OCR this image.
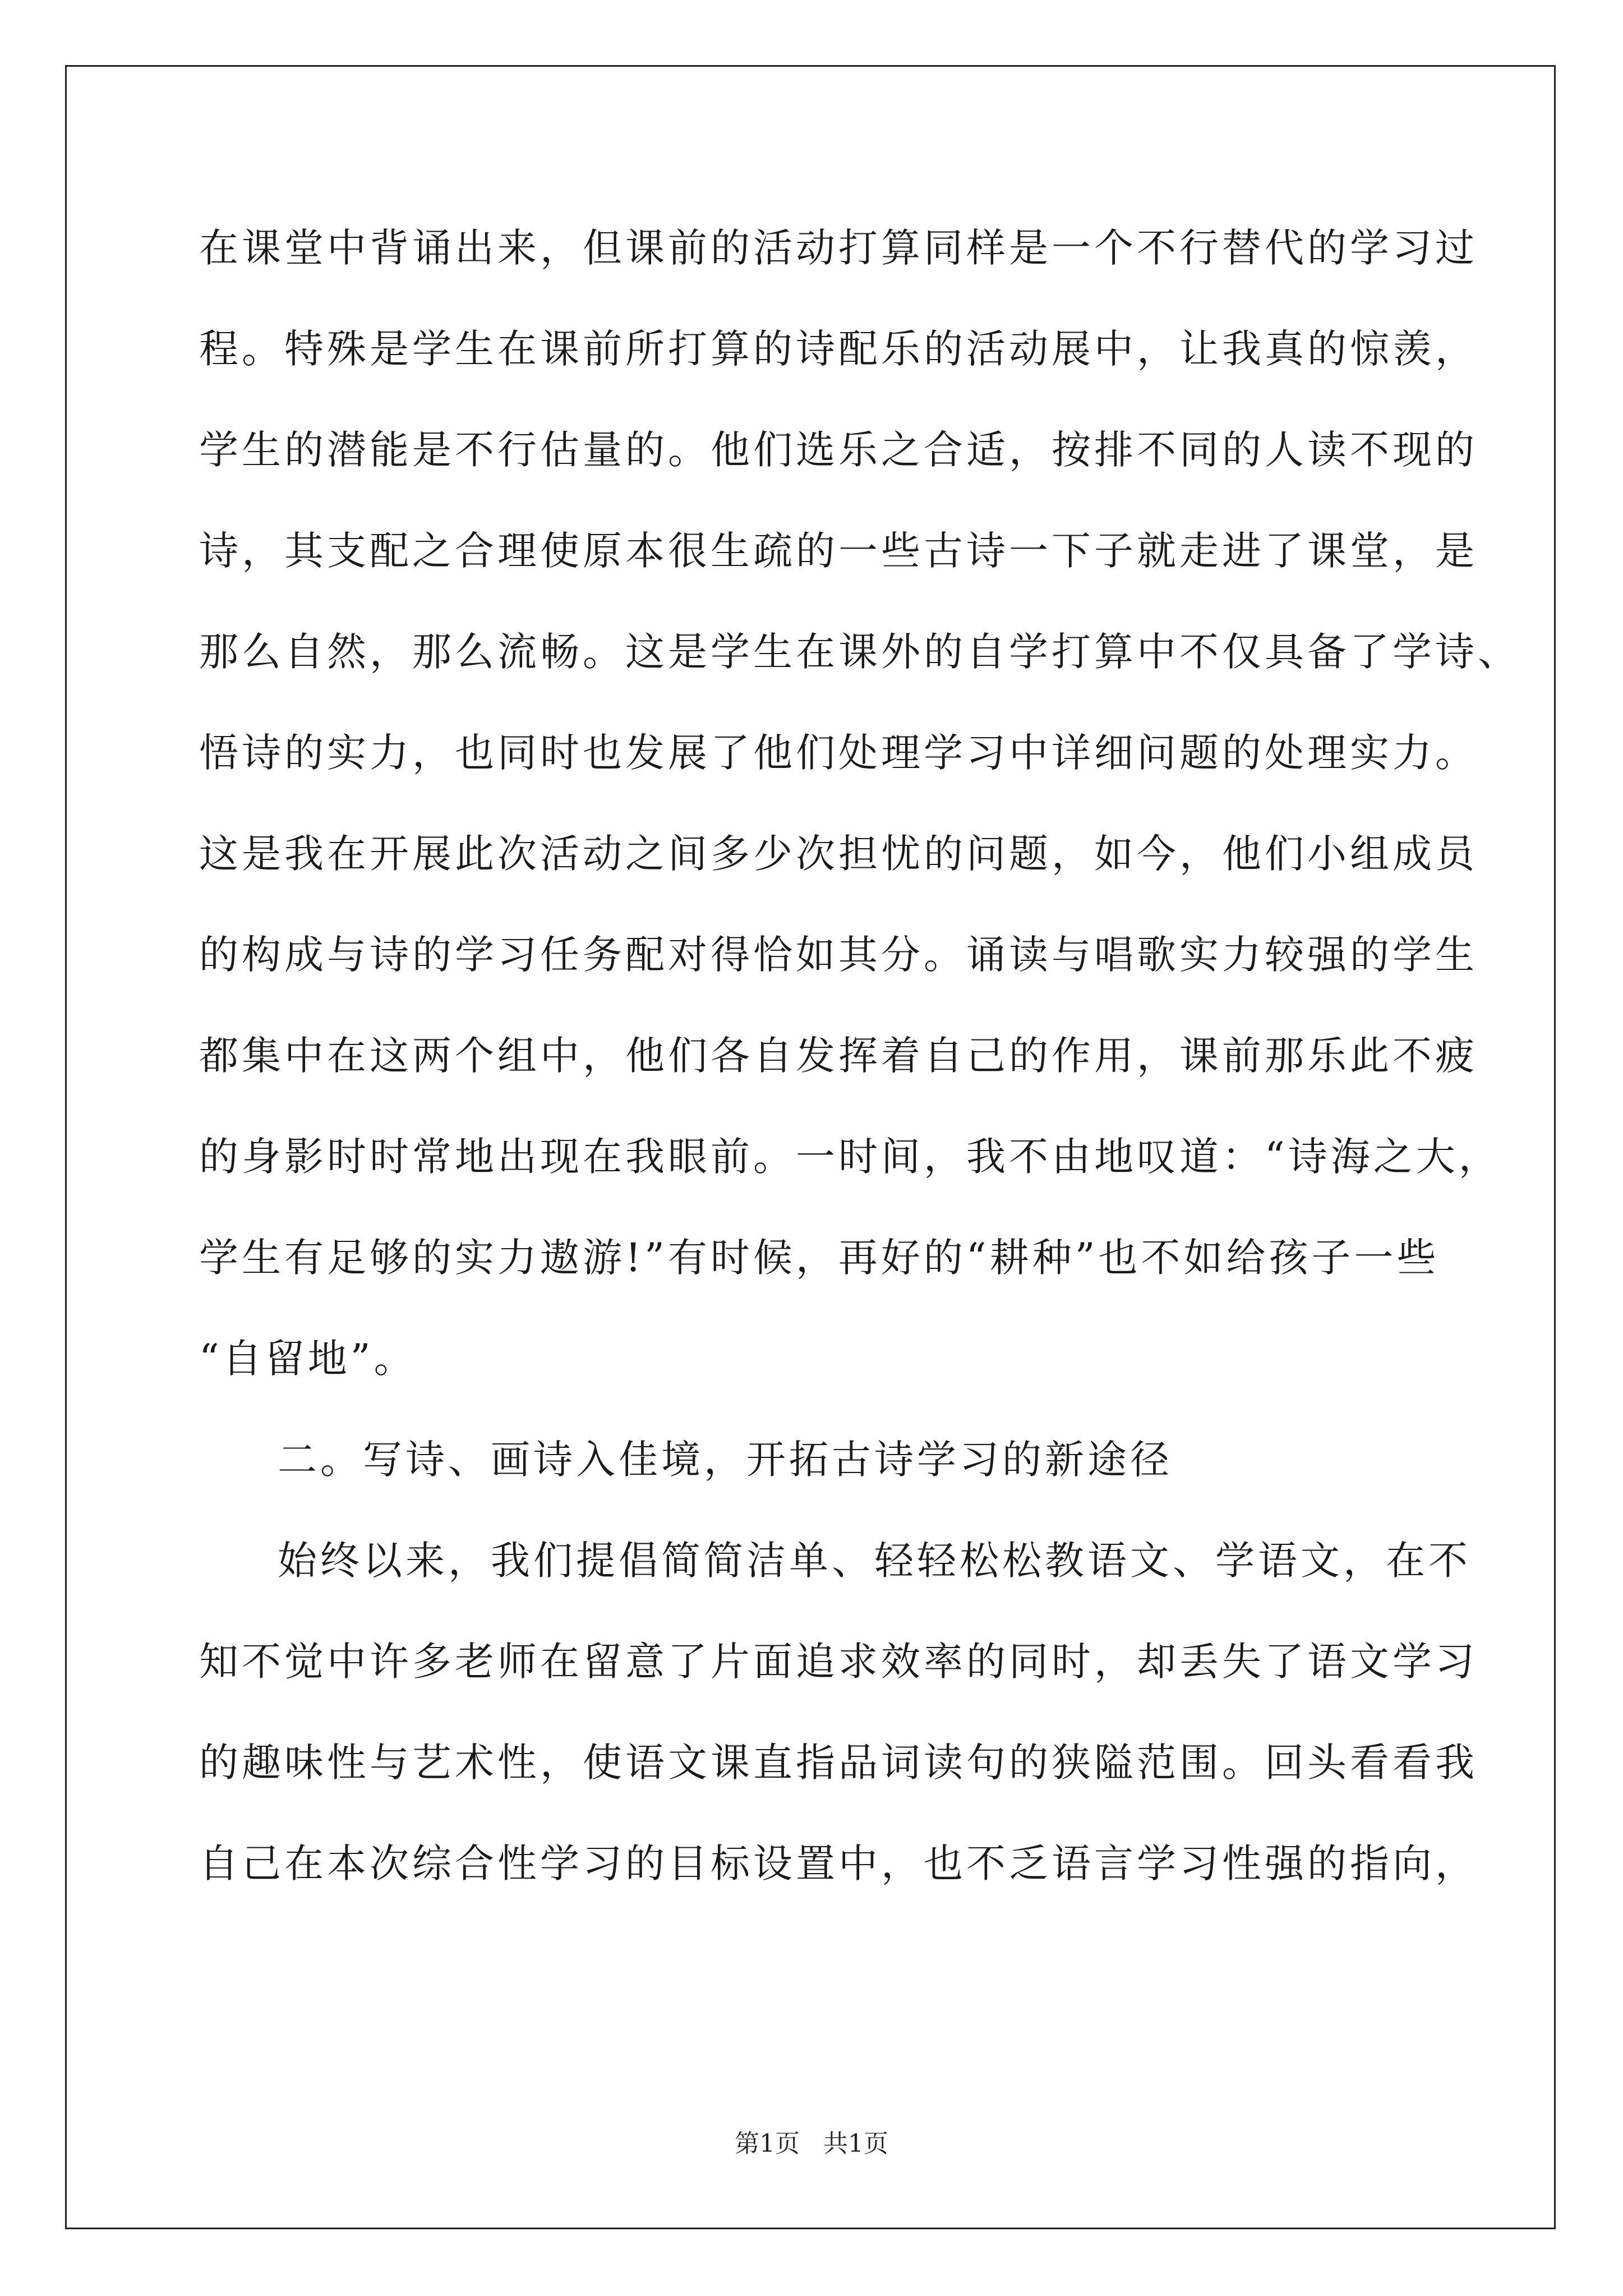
在课堂中背诵出来，但课前的活动打算同样是一个不行替代的学习过
程。特殊是学生在课前所打算的诗配乐的活动展中，让我真的惊羡，
学生的潜能是不行估量的。他们选乐之合适，按排不同的人读不现的
诗，其支配之合理使原本很生疏的一些古诗一下子就走进了课堂，是
那么自然，那么流畅。这是学生在课外的自学打算中不仅具备了学诗、
悟诗的实力，也同时也发展了他们处理学习中详细问题的处理实力。
这是我在开展此次活动之间多少次担忧的问题，如今，他们小组成员
的构成与诗的学习任务配对得恰如其分。诵读与唱歌实力较强的学生
都集中在这两个组中，他们各自发挥着自己的作用，课前那乐此不疲
的身影时时常地出现在我眼前。一时间，我不由地叹道：“诗海之大，
学生有足够的实力遨游!”有时候，再好的“耕种”也不如给孩子一些
“自留地”。
二。写诗、画诗入佳境，开拓古诗学习的新途径
始终以来，我们提倡简简洁单、轻轻松松教语文、学语文，在不
知不觉中许多老师在留意了片面追求效率的同时，却丢失了语文学习
的趣味性与艺术性，使语文课直指品词读句的狭隘范围。回头看看我
自己在本次综合性学习的目标设置中，也不乏语言学习性强的指向，
第1页   共1页
